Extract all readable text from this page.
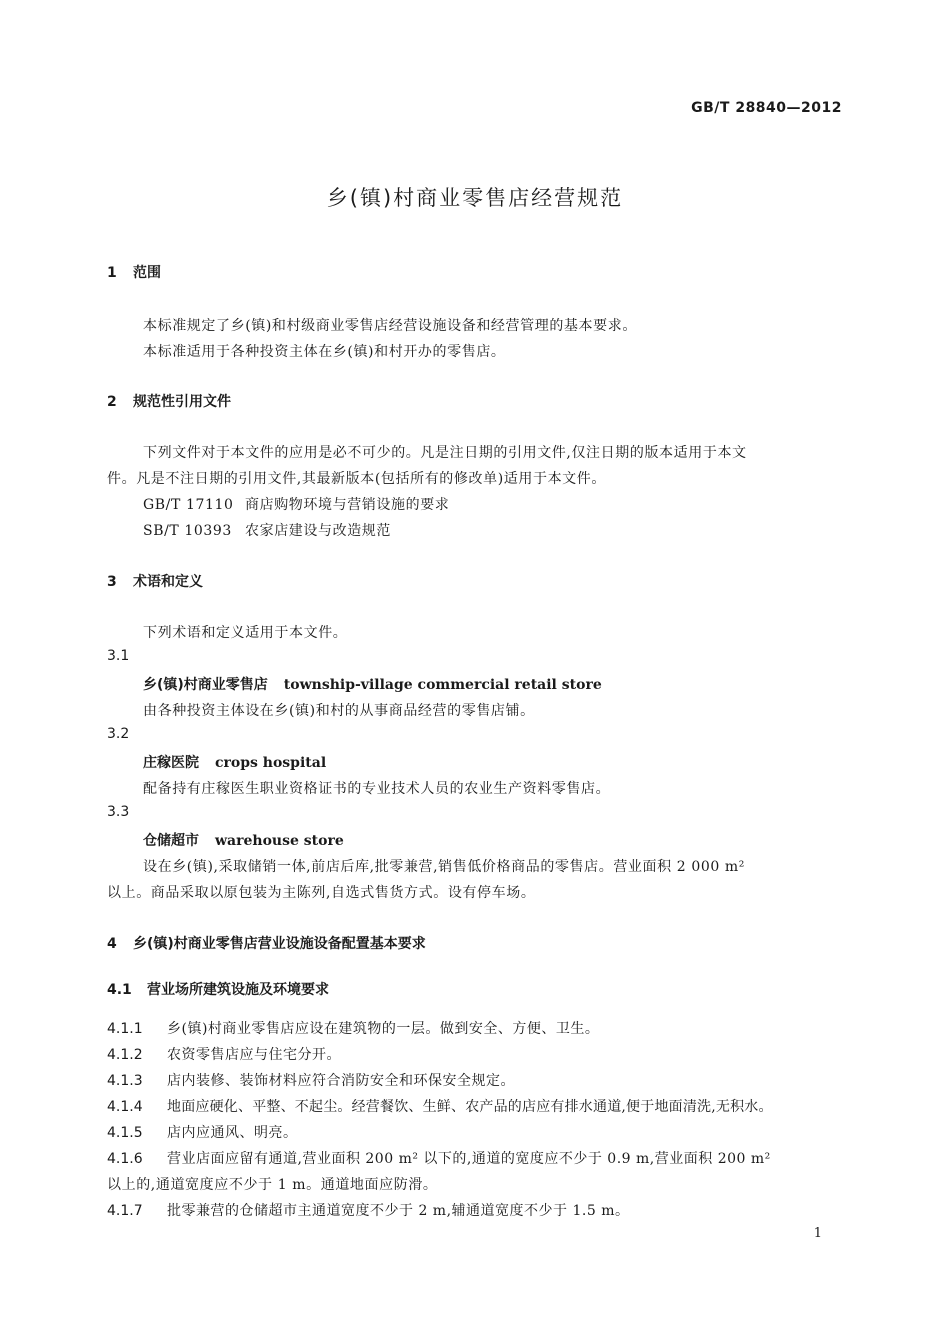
GB/T 28840—2012
乡(镇)村商业零售店经营规范
1 范围
本标准规定了乡(镇)和村级商业零售店经营设施设备和经营管理的基本要求。
本标准适用于各种投资主体在乡(镇)和村开办的零售店。
2 规范性引用文件
下列文件对于本文件的应用是必不可少的。凡是注日期的引用文件,仅注日期的版本适用于本文
件。凡是不注日期的引用文件,其最新版本(包括所有的修改单)适用于本文件。
GB/T 17110 商店购物环境与营销设施的要求
SB/T 10393 农家店建设与改造规范
3 术语和定义
下列术语和定义适用于本文件。
3.1
乡(镇)村商业零售店 township-village commercial retail store
由各种投资主体设在乡(镇)和村的从事商品经营的零售店铺。
3.2
庄稼医院 crops hospital
配备持有庄稼医生职业资格证书的专业技术人员的农业生产资料零售店。
3.3
仓储超市 warehouse store
设在乡(镇),采取储销一体,前店后库,批零兼营,销售低价格商品的零售店。营业面积 2 000 m²
以上。商品采取以原包装为主陈列,自选式售货方式。设有停车场。
4 乡(镇)村商业零售店营业设施设备配置基本要求
4.1 营业场所建筑设施及环境要求
4.1.1 乡(镇)村商业零售店应设在建筑物的一层。做到安全、方便、卫生。
4.1.2 农资零售店应与住宅分开。
4.1.3 店内装修、装饰材料应符合消防安全和环保安全规定。
4.1.4 地面应硬化、平整、不起尘。经营餐饮、生鲜、农产品的店应有排水通道,便于地面清洗,无积水。
4.1.5 店内应通风、明亮。
4.1.6 营业店面应留有通道,营业面积 200 m² 以下的,通道的宽度应不少于 0.9 m,营业面积 200 m²
以上的,通道宽度应不少于 1 m。通道地面应防滑。
4.1.7 批零兼营的仓储超市主通道宽度不少于 2 m,辅通道宽度不少于 1.5 m。
1
